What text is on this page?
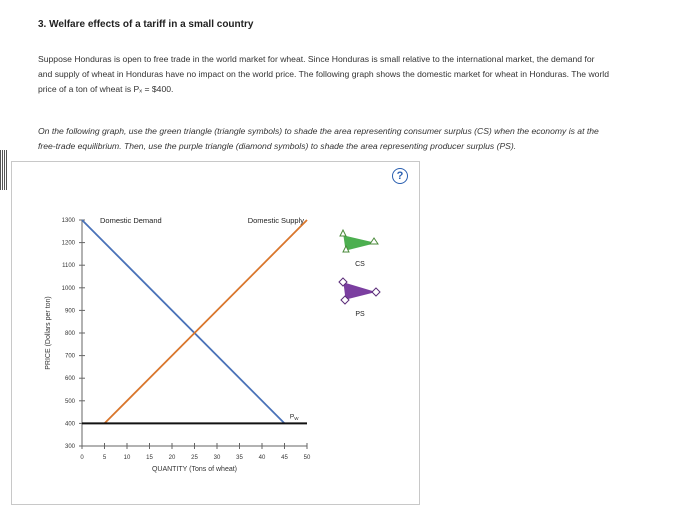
3. Welfare effects of a tariff in a small country
Suppose Honduras is open to free trade in the world market for wheat. Since Honduras is small relative to the international market, the demand for
and supply of wheat in Honduras have no impact on the world price. The following graph shows the domestic market for wheat in Honduras. The world
price of a ton of wheat is Pₓ = $400.
On the following graph, use the green triangle (triangle symbols) to shade the area representing consumer surplus (CS) when the economy is at the
free-trade equilibrium. Then, use the purple triangle (diamond symbols) to shade the area representing producer surplus (PS).
300
400
500
600
700
800
900
1000
1100
1200
1300
0	5	10	15	20	25	30	35	40	45	50
QUANTITY (Tons of wheat)
PRICE (Dollars per ton)
Domestic Demand	Domestic Supply
$P_W$
CS
PS
?
